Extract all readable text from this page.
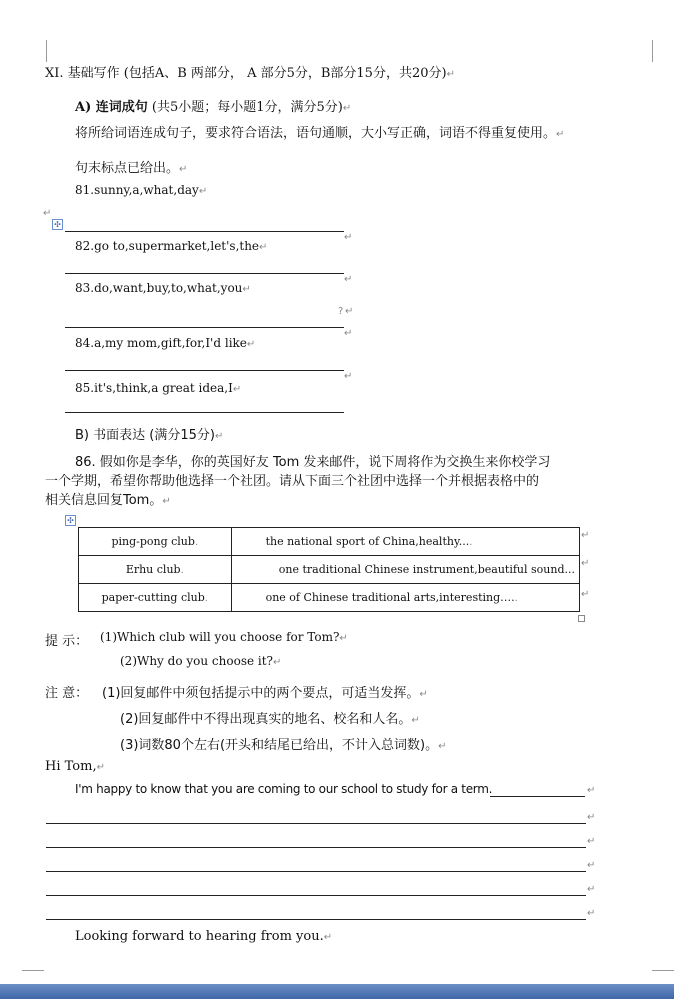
XI. 基础写作 (包括A、B 两部分， A 部分5分，B部分15分，共20分)↵
A) 连词成句 (共5小题；每小题1分，满分5分)↵
将所给词语连成句子，要求符合语法，语句通顺，大小写正确，词语不得重复使用。↵
句末标点已给出。↵
81.sunny,a,what,day↵
↵
✣
↵
82.go to,supermarket,let's,the↵
↵
83.do,want,buy,to,what,you↵
? ↵
↵
84.a,my mom,gift,for,I'd like↵
↵
85.it's,think,a great idea,I↵
B) 书面表达 (满分15分)↵
86. 假如你是李华，你的英国好友 Tom 发来邮件，说下周将作为交换生来你校学习
一个学期，希望你帮助他选择一个社团。请从下面三个社团中选择一个并根据表格中的
相关信息回复Tom。↵
✣
ping-pong club.	the national sport of China,healthy....
Erhu club.	one traditional Chinese instrument,beautiful sound...
paper-cutting club.	one of Chinese traditional arts,interesting…..
↵
↵
↵
提 示： (1)Which club will you choose for Tom?↵
(2)Why do you choose it?↵
注 意： (1)回复邮件中须包括提示中的两个要点，可适当发挥。↵
(2)回复邮件中不得出现真实的地名、校名和人名。↵
(3)词数80个左右(开头和结尾已给出，不计入总词数)。↵
Hi Tom,↵
I'm happy to know that you are coming to our school to study for a term.	↵
↵
↵
↵
↵
↵
Looking forward to hearing from you.↵
